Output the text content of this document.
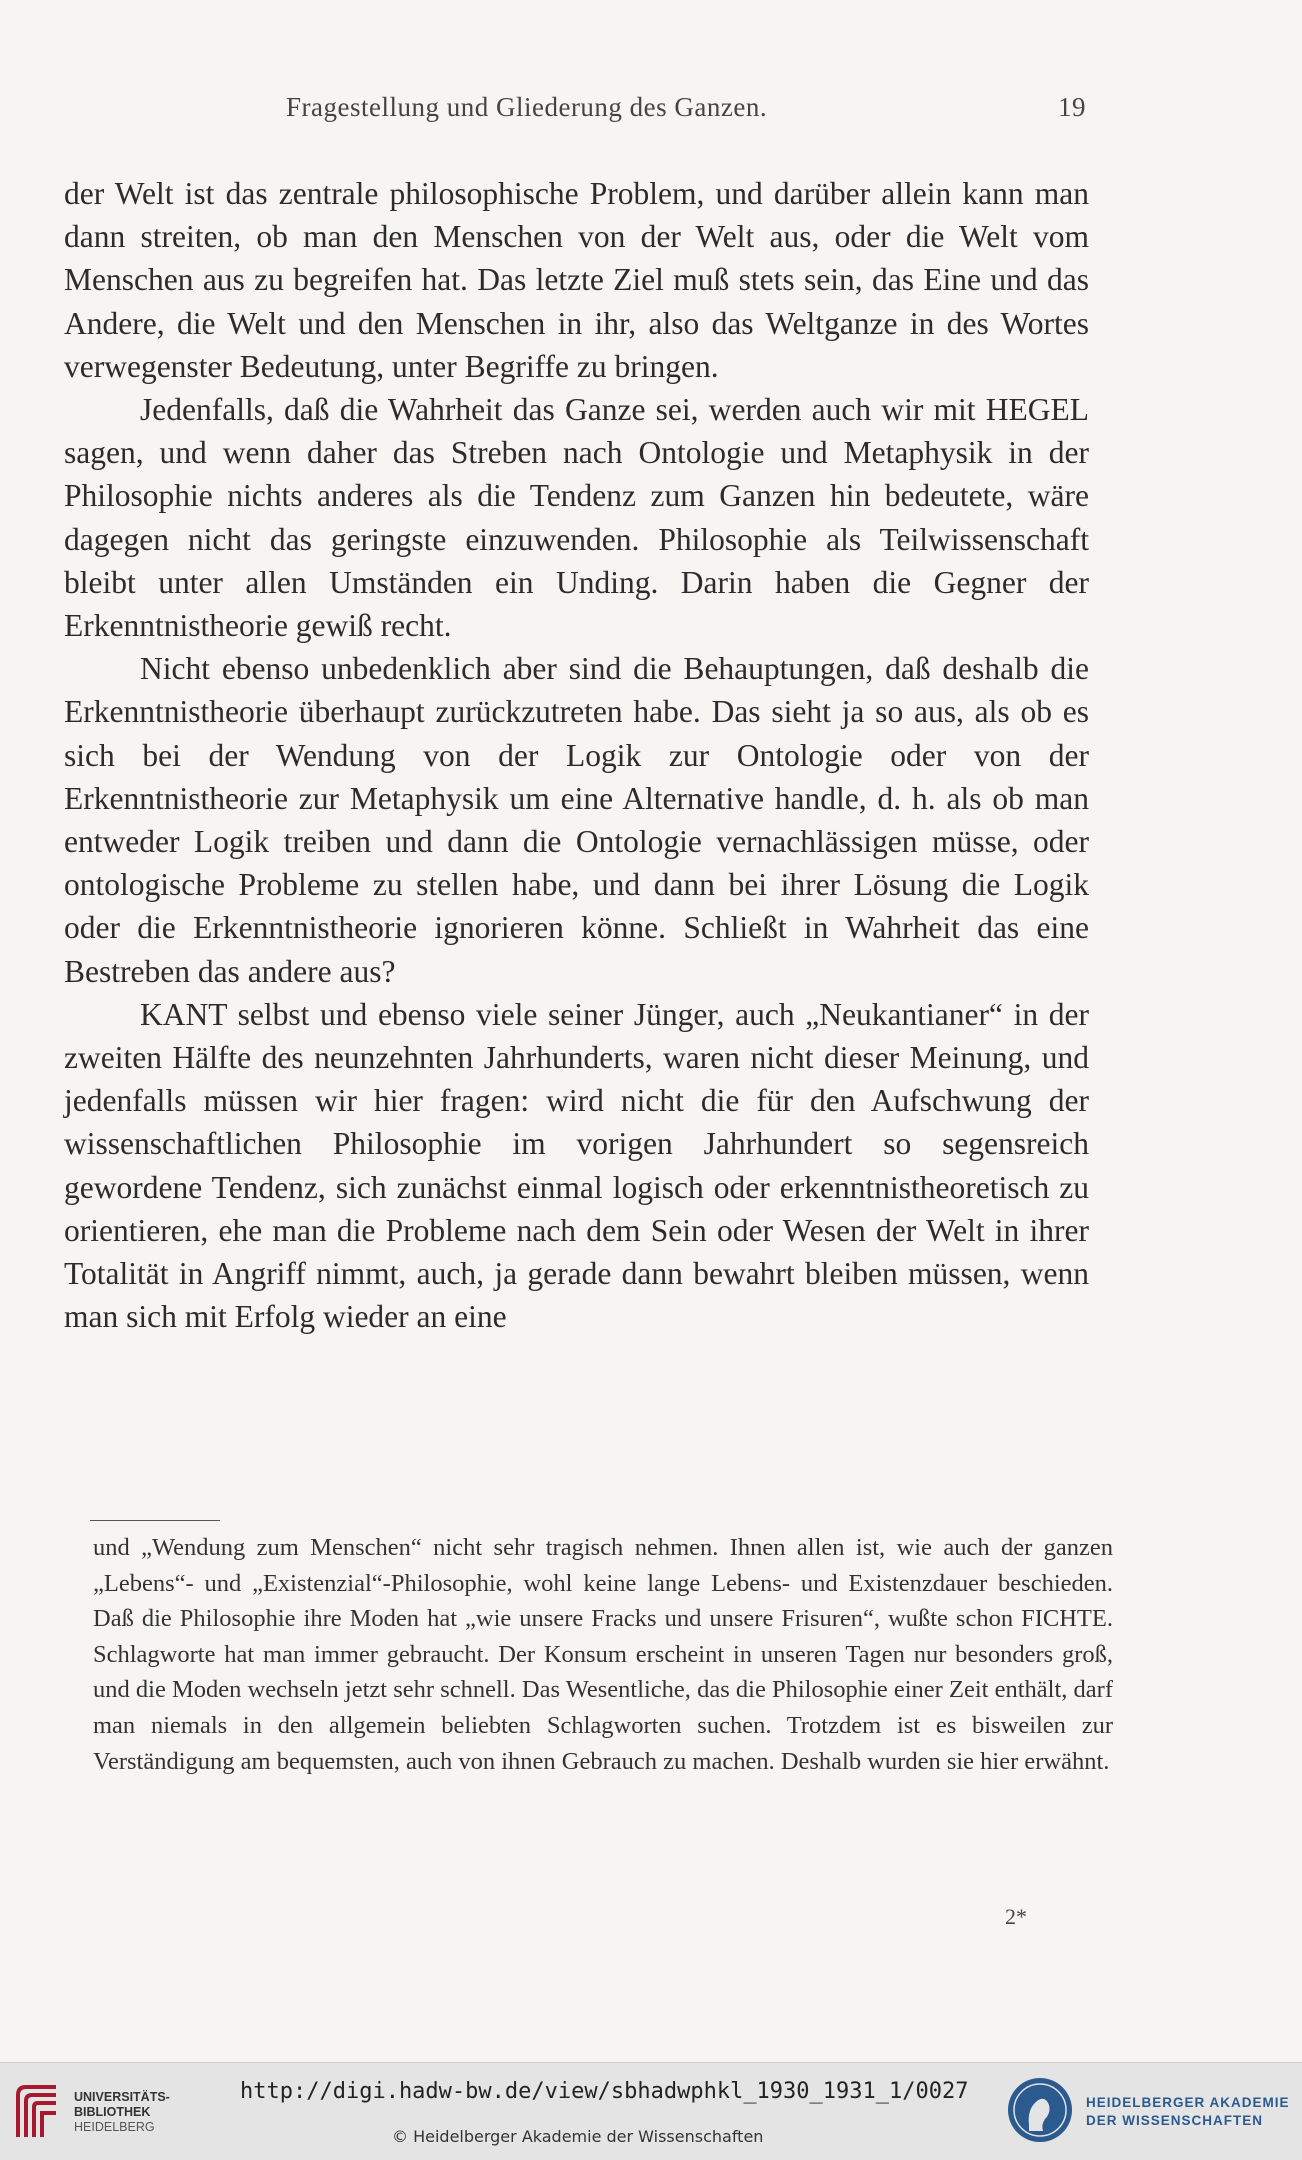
Fragestellung und Gliederung des Ganzen.	19

der Welt ist das zentrale philosophische Problem, und darüber allein kann man dann streiten, ob man den Menschen von der Welt aus, oder die Welt vom Menschen aus zu begreifen hat. Das letzte Ziel muß stets sein, das Eine und das Andere, die Welt und den Menschen in ihr, also das Weltganze in des Wortes verwegenster Bedeutung, unter Begriffe zu bringen.

Jedenfalls, daß die Wahrheit das Ganze sei, werden auch wir mit HEGEL sagen, und wenn daher das Streben nach Ontologie und Metaphysik in der Philosophie nichts anderes als die Tendenz zum Ganzen hin bedeutete, wäre dagegen nicht das geringste einzuwenden. Philosophie als Teilwissenschaft bleibt unter allen Umständen ein Unding. Darin haben die Gegner der Erkenntnistheorie gewiß recht.

Nicht ebenso unbedenklich aber sind die Behauptungen, daß deshalb die Erkenntnistheorie überhaupt zurückzutreten habe. Das sieht ja so aus, als ob es sich bei der Wendung von der Logik zur Ontologie oder von der Erkenntnistheorie zur Metaphysik um eine Alternative handle, d. h. als ob man entweder Logik treiben und dann die Ontologie vernachlässigen müsse, oder ontologische Probleme zu stellen habe, und dann bei ihrer Lösung die Logik oder die Erkenntnistheorie ignorieren könne. Schließt in Wahrheit das eine Bestreben das andere aus?

KANT selbst und ebenso viele seiner Jünger, auch „Neukantianer“ in der zweiten Hälfte des neunzehnten Jahrhunderts, waren nicht dieser Meinung, und jedenfalls müssen wir hier fragen: wird nicht die für den Aufschwung der wissenschaftlichen Philosophie im vorigen Jahrhundert so segensreich gewordene Tendenz, sich zunächst einmal logisch oder erkenntnistheoretisch zu orientieren, ehe man die Probleme nach dem Sein oder Wesen der Welt in ihrer Totalität in Angriff nimmt, auch, ja gerade dann bewahrt bleiben müssen, wenn man sich mit Erfolg wieder an eine

und „Wendung zum Menschen“ nicht sehr tragisch nehmen. Ihnen allen ist, wie auch der ganzen „Lebens“- und „Existenzial“-Philosophie, wohl keine lange Lebens- und Existenzdauer beschieden. Daß die Philosophie ihre Moden hat „wie unsere Fracks und unsere Frisuren“, wußte schon FICHTE. Schlagworte hat man immer gebraucht. Der Konsum erscheint in unseren Tagen nur besonders groß, und die Moden wechseln jetzt sehr schnell. Das Wesentliche, das die Philosophie einer Zeit enthält, darf man niemals in den allgemein beliebten Schlagworten suchen. Trotzdem ist es bisweilen zur Verständigung am bequemsten, auch von ihnen Gebrauch zu machen. Deshalb wurden sie hier erwähnt.

2*
UNIVERSITÄTS-
BIBLIOTHEK
HEIDELBERG
http://digi.hadw-bw.de/view/sbhadwphkl_1930_1931_1/0027
© Heidelberger Akademie der Wissenschaften
HEIDELBERGER AKADEMIE
DER WISSENSCHAFTEN
